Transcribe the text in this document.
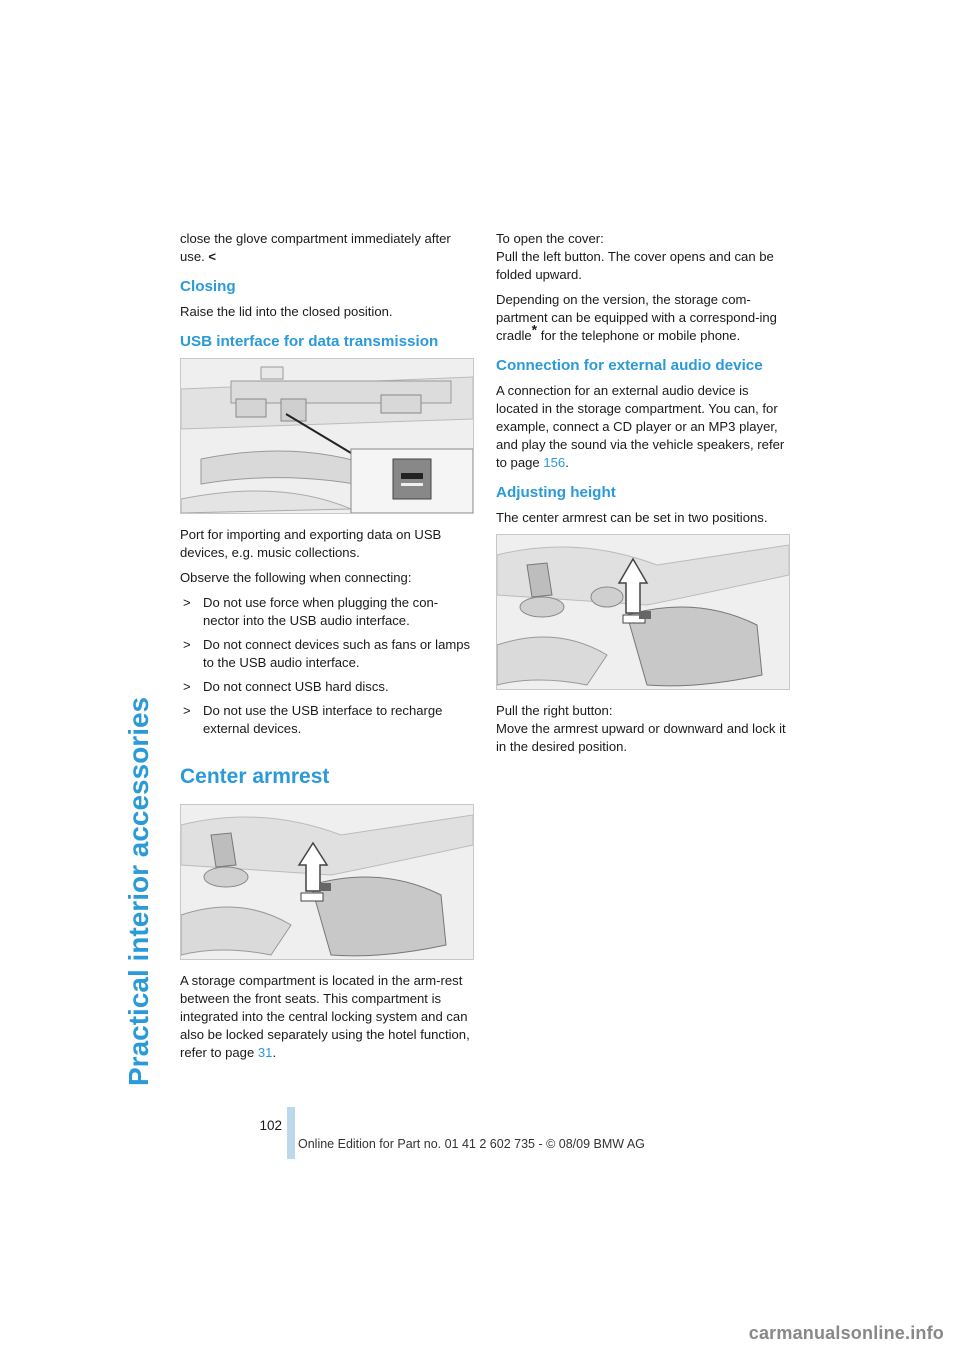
Practical interior accessories

close the glove compartment immediately after use. <

Closing

Raise the lid into the closed position.

USB interface for data transmission

Port for importing and exporting data on USB devices, e.g. music collections.

Observe the following when connecting:

> Do not use force when plugging the con-nector into the USB audio interface.
> Do not connect devices such as fans or lamps to the USB audio interface.
> Do not connect USB hard discs.
> Do not use the USB interface to recharge external devices.
Center armrest

A storage compartment is located in the arm-rest between the front seats. This compartment is integrated into the central locking system and can also be locked separately using the hotel function, refer to page 31.

To open the cover:
Pull the left button. The cover opens and can be folded upward.

Depending on the version, the storage com-partment can be equipped with a correspond-ing cradle* for the telephone or mobile phone.

Connection for external audio device

A connection for an external audio device is located in the storage compartment. You can, for example, connect a CD player or an MP3 player, and play the sound via the vehicle speakers, refer to page 156.

Adjusting height

The center armrest can be set in two positions.

Pull the right button:
Move the armrest upward or downward and lock it in the desired position.

102
Online Edition for Part no. 01 41 2 602 735 - © 08/09 BMW AG
carmanualsonline.info
